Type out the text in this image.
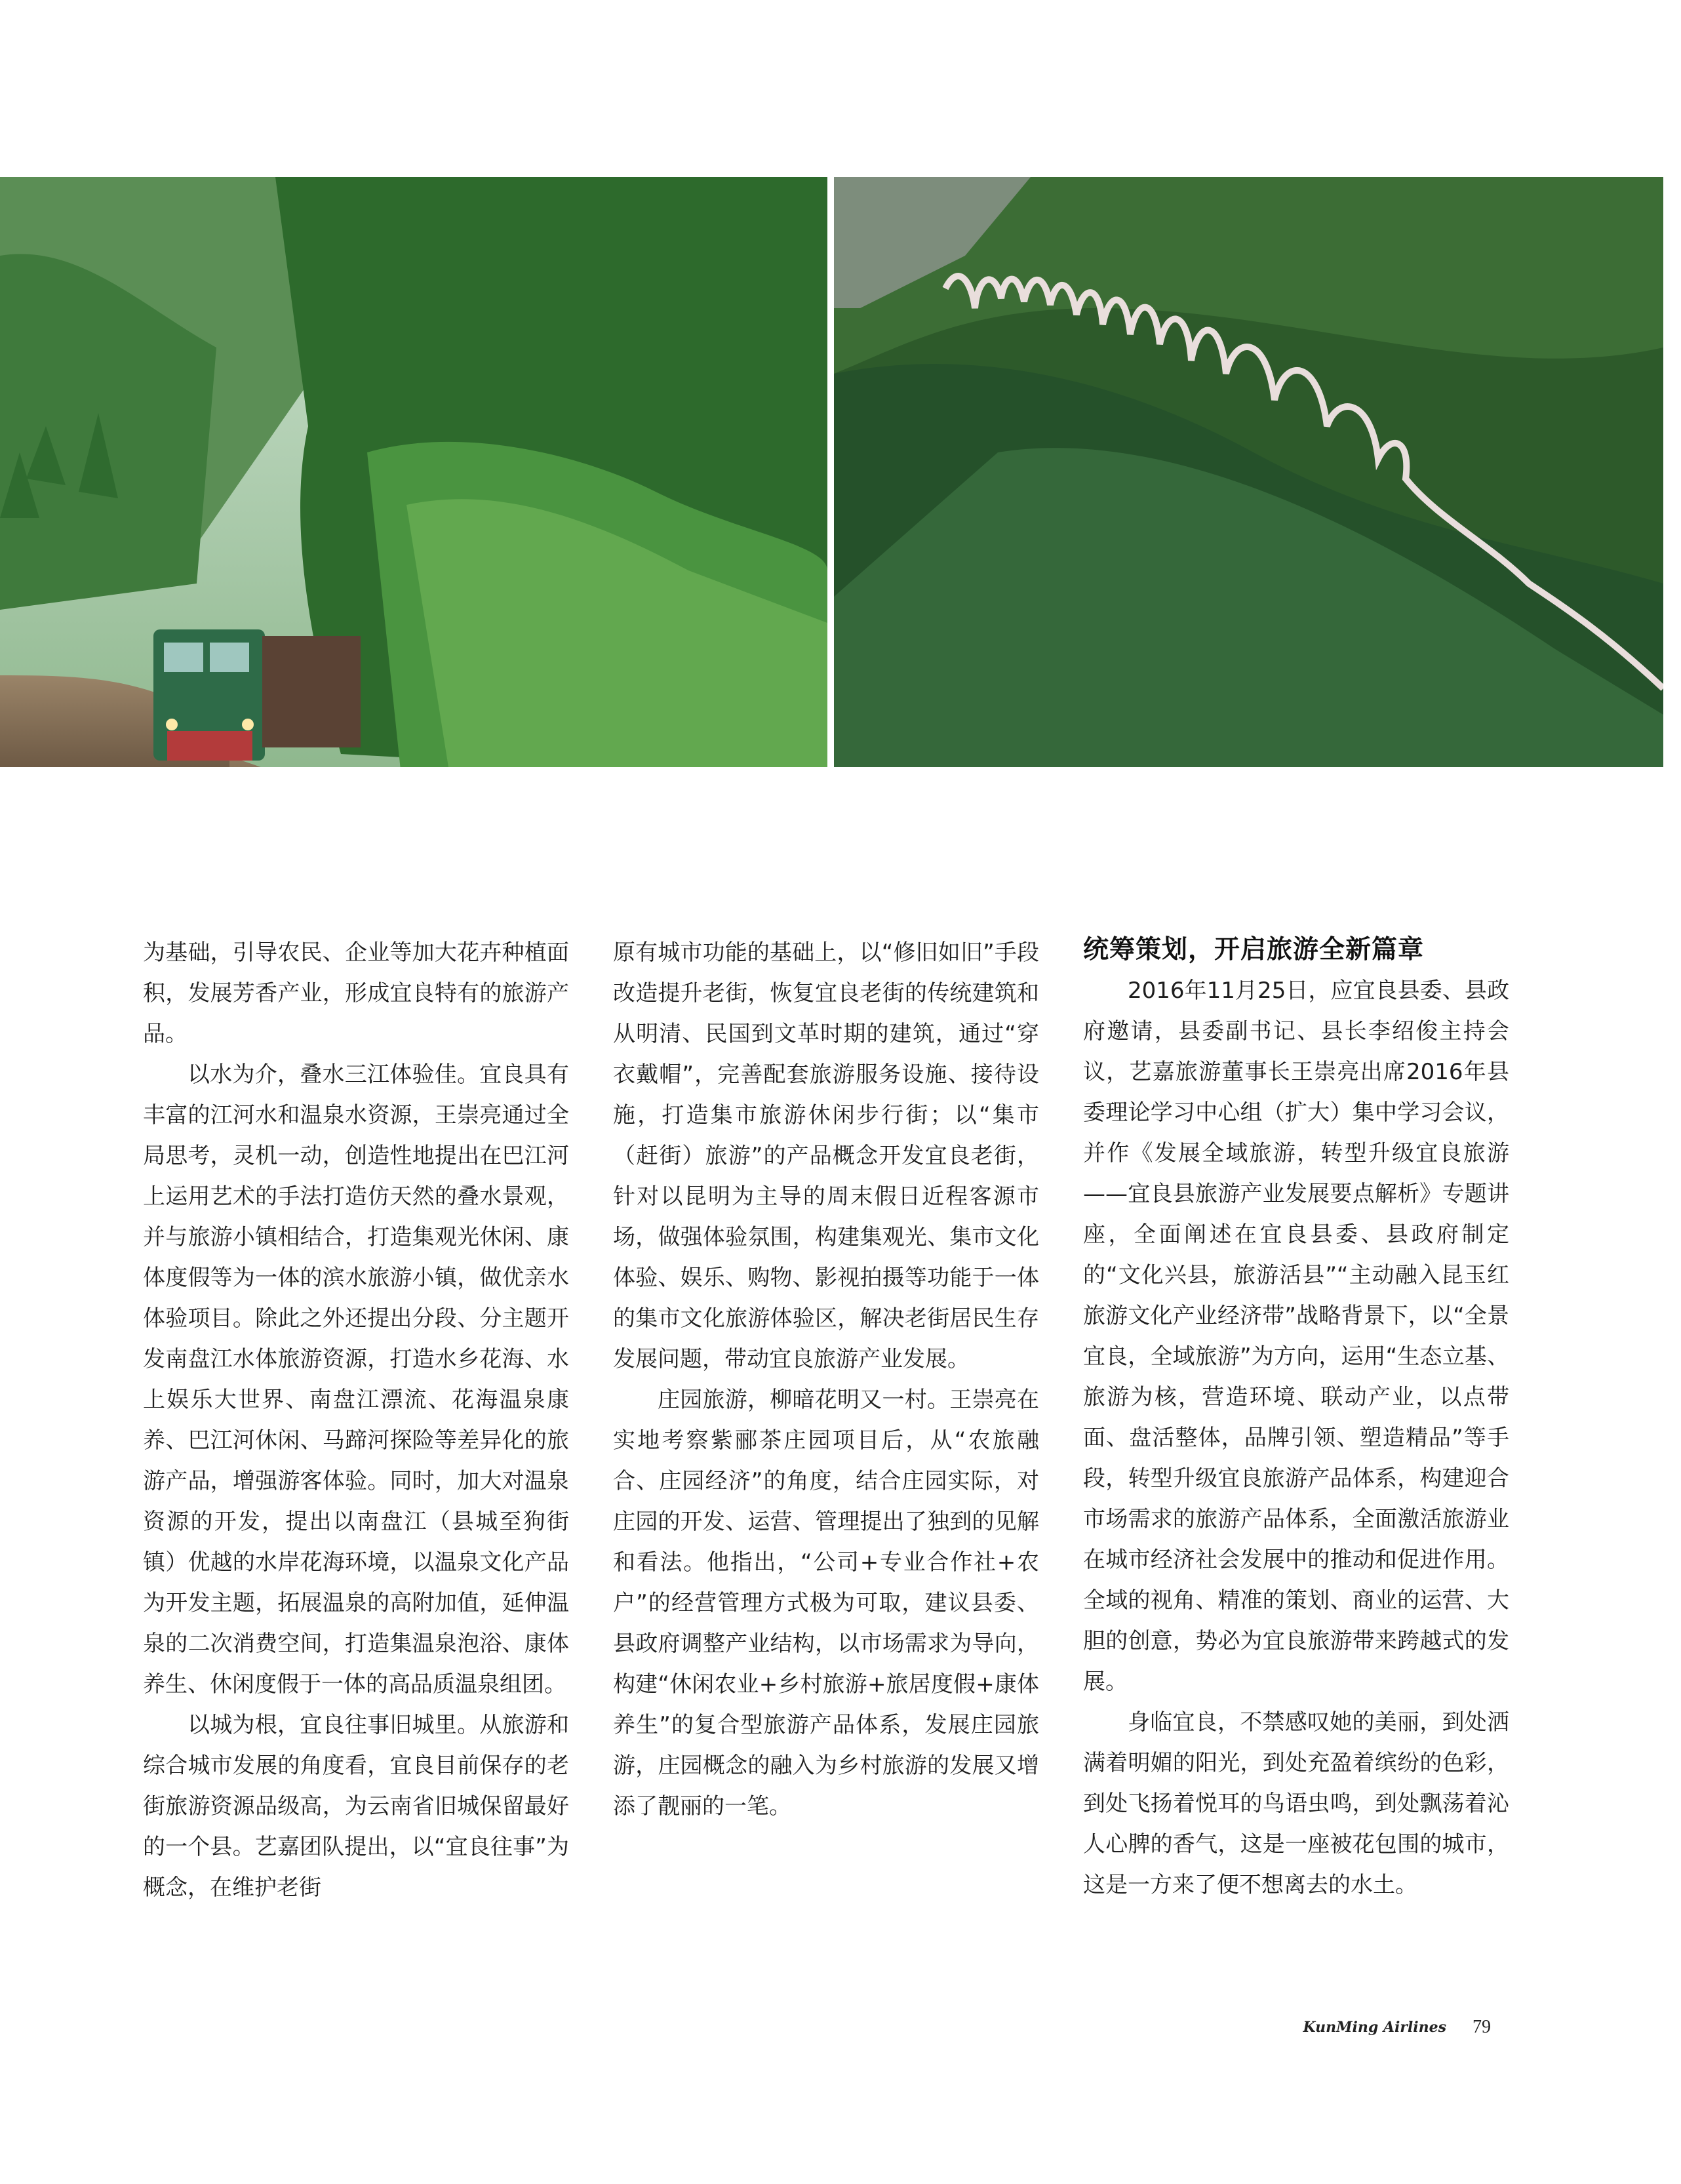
为基础，引导农民、企业等加大花卉种植面积，发展芳香产业，形成宜良特有的旅游产品。

以水为介，叠水三江体验佳。宜良具有丰富的江河水和温泉水资源，王崇亮通过全局思考，灵机一动，创造性地提出在巴江河上运用艺术的手法打造仿天然的叠水景观，并与旅游小镇相结合，打造集观光休闲、康体度假等为一体的滨水旅游小镇，做优亲水体验项目。除此之外还提出分段、分主题开发南盘江水体旅游资源，打造水乡花海、水上娱乐大世界、南盘江漂流、花海温泉康养、巴江河休闲、马蹄河探险等差异化的旅游产品，增强游客体验。同时，加大对温泉资源的开发，提出以南盘江（县城至狗街镇）优越的水岸花海环境，以温泉文化产品为开发主题，拓展温泉的高附加值，延伸温泉的二次消费空间，打造集温泉泡浴、康体养生、休闲度假于一体的高品质温泉组团。

以城为根，宜良往事旧城里。从旅游和综合城市发展的角度看，宜良目前保存的老街旅游资源品级高，为云南省旧城保留最好的一个县。艺嘉团队提出，以“宜良往事”为概念，在维护老街

原有城市功能的基础上，以“修旧如旧”手段改造提升老街，恢复宜良老街的传统建筑和从明清、民国到文革时期的建筑，通过“穿衣戴帽”，完善配套旅游服务设施、接待设施，打造集市旅游休闲步行街；以“集市（赶街）旅游”的产品概念开发宜良老街，针对以昆明为主导的周末假日近程客源市场，做强体验氛围，构建集观光、集市文化体验、娱乐、购物、影视拍摄等功能于一体的集市文化旅游体验区，解决老街居民生存发展问题，带动宜良旅游产业发展。

庄园旅游，柳暗花明又一村。王崇亮在实地考察紫郦茶庄园项目后，从“农旅融合、庄园经济”的角度，结合庄园实际，对庄园的开发、运营、管理提出了独到的见解和看法。他指出，“公司+专业合作社+农户”的经营管理方式极为可取，建议县委、县政府调整产业结构，以市场需求为导向，构建“休闲农业+乡村旅游+旅居度假+康体养生”的复合型旅游产品体系，发展庄园旅游，庄园概念的融入为乡村旅游的发展又增添了靓丽的一笔。

统筹策划，开启旅游全新篇章

2016年11月25日，应宜良县委、县政府邀请，县委副书记、县长李绍俊主持会议，艺嘉旅游董事长王崇亮出席2016年县委理论学习中心组（扩大）集中学习会议，并作《发展全域旅游，转型升级宜良旅游——宜良县旅游产业发展要点解析》专题讲座，全面阐述在宜良县委、县政府制定的“文化兴县，旅游活县”“主动融入昆玉红旅游文化产业经济带”战略背景下，以“全景宜良，全域旅游”为方向，运用“生态立基、旅游为核，营造环境、联动产业，以点带面、盘活整体，品牌引领、塑造精品”等手段，转型升级宜良旅游产品体系，构建迎合市场需求的旅游产品体系，全面激活旅游业在城市经济社会发展中的推动和促进作用。全域的视角、精准的策划、商业的运营、大胆的创意，势必为宜良旅游带来跨越式的发展。

身临宜良，不禁感叹她的美丽，到处洒满着明媚的阳光，到处充盈着缤纷的色彩，到处飞扬着悦耳的鸟语虫鸣，到处飘荡着沁人心脾的香气，这是一座被花包围的城市，这是一方来了便不想离去的水土。

KunMing Airlines 79
